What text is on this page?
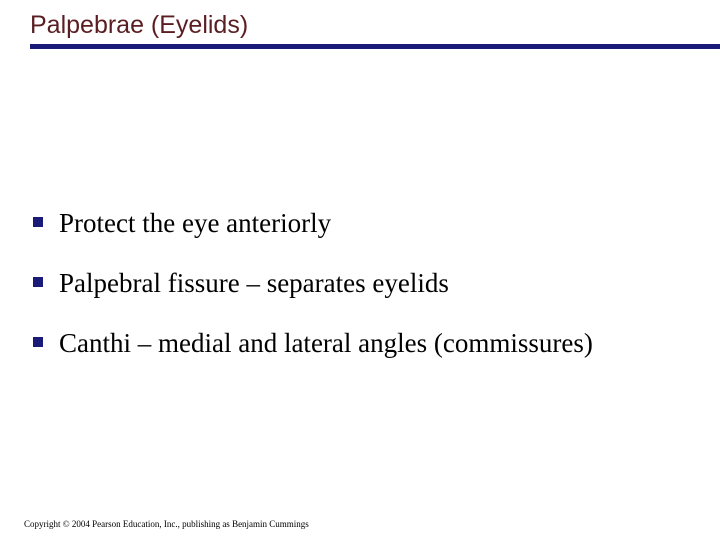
Palpebrae (Eyelids)
Protect the eye anteriorly
Palpebral fissure – separates eyelids
Canthi – medial and lateral angles (commissures)
Copyright © 2004 Pearson Education, Inc., publishing as Benjamin Cummings
